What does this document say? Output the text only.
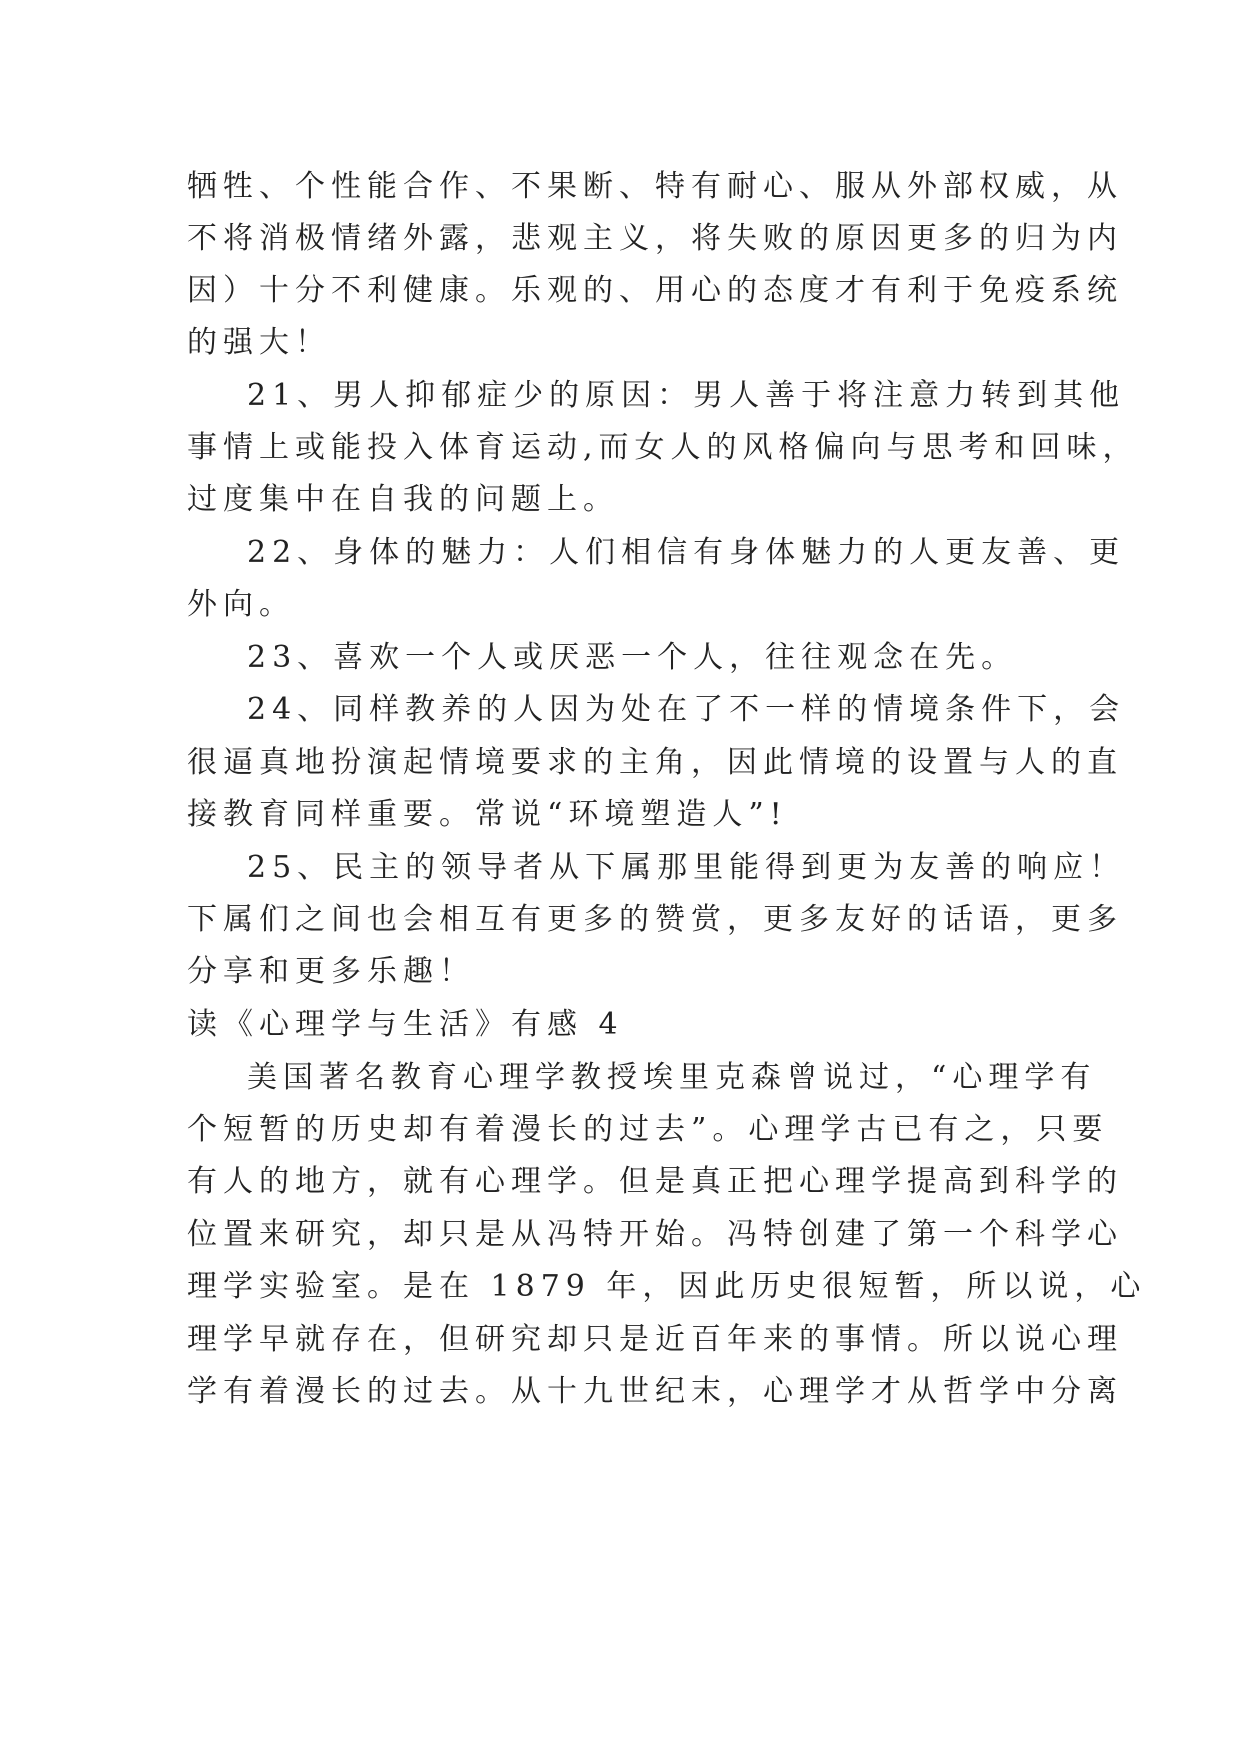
牺牲、个性能合作、不果断、特有耐心、服从外部权威，从
不将消极情绪外露，悲观主义，将失败的原因更多的归为内
因）十分不利健康。乐观的、用心的态度才有利于免疫系统
的强大！
21、男人抑郁症少的原因：男人善于将注意力转到其他
事情上或能投入体育运动,而女人的风格偏向与思考和回味，
过度集中在自我的问题上。
22、身体的魅力：人们相信有身体魅力的人更友善、更
外向。
23、喜欢一个人或厌恶一个人，往往观念在先。
24、同样教养的人因为处在了不一样的情境条件下，会
很逼真地扮演起情境要求的主角，因此情境的设置与人的直
接教育同样重要。常说“环境塑造人”!
25、民主的领导者从下属那里能得到更为友善的响应！
下属们之间也会相互有更多的赞赏，更多友好的话语，更多
分享和更多乐趣！
读《心理学与生活》有感 4
美国著名教育心理学教授埃里克森曾说过，“心理学有
个短暂的历史却有着漫长的过去”。心理学古已有之，只要
有人的地方，就有心理学。但是真正把心理学提高到科学的
位置来研究，却只是从冯特开始。冯特创建了第一个科学心
理学实验室。是在 1879 年，因此历史很短暂，所以说，心
理学早就存在，但研究却只是近百年来的事情。所以说心理
学有着漫长的过去。从十九世纪末，心理学才从哲学中分离
